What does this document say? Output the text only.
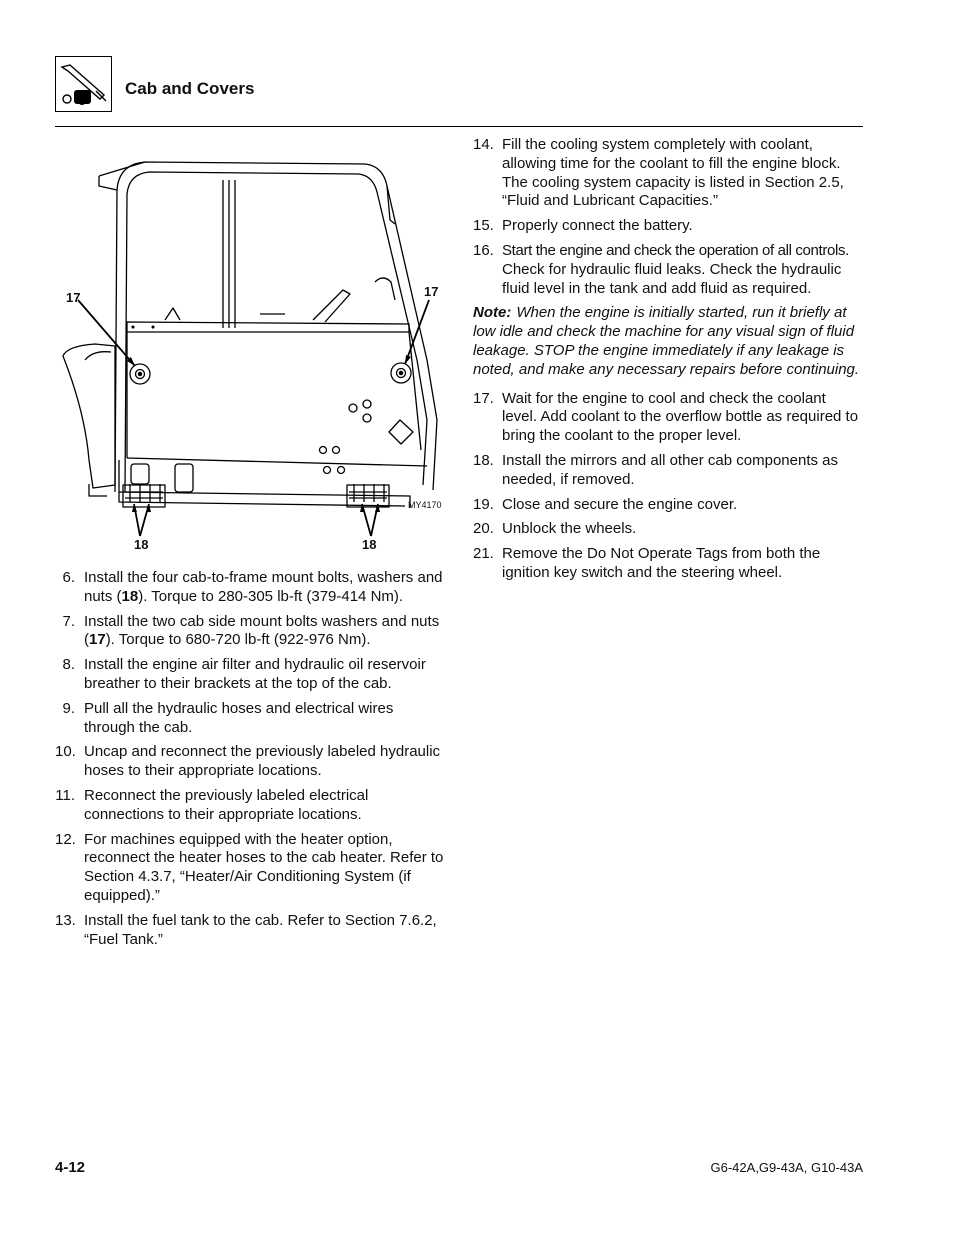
Cab and Covers
17	17
18	18
MY4170
6. Install the four cab-to-frame mount bolts, washers and nuts (18). Torque to 280-305 lb-ft (379-414 Nm).
7. Install the two cab side mount bolts washers and nuts (17). Torque to 680-720 lb-ft (922-976 Nm).
8. Install the engine air filter and hydraulic oil reservoir breather to their brackets at the top of the cab.
9. Pull all the hydraulic hoses and electrical wires through the cab.
10. Uncap and reconnect the previously labeled hydraulic hoses to their appropriate locations.
11. Reconnect the previously labeled electrical connections to their appropriate locations.
12. For machines equipped with the heater option, reconnect the heater hoses to the cab heater. Refer to Section 4.3.7, “Heater/Air Conditioning System (if equipped).”
13. Install the fuel tank to the cab. Refer to Section 7.6.2, “Fuel Tank.”
14. Fill the cooling system completely with coolant, allowing time for the coolant to fill the engine block. The cooling system capacity is listed in Section 2.5, “Fluid and Lubricant Capacities.”
15. Properly connect the battery.
16. Start the engine and check the operation of all controls. Check for hydraulic fluid leaks. Check the hydraulic fluid level in the tank and add fluid as required.
Note: When the engine is initially started, run it briefly at low idle and check the machine for any visual sign of fluid leakage. STOP the engine immediately if any leakage is noted, and make any necessary repairs before continuing.
17. Wait for the engine to cool and check the coolant level. Add coolant to the overflow bottle as required to bring the coolant to the proper level.
18. Install the mirrors and all other cab components as needed, if removed.
19. Close and secure the engine cover.
20. Unblock the wheels.
21. Remove the Do Not Operate Tags from both the ignition key switch and the steering wheel.
4-12	G6-42A,G9-43A, G10-43A
